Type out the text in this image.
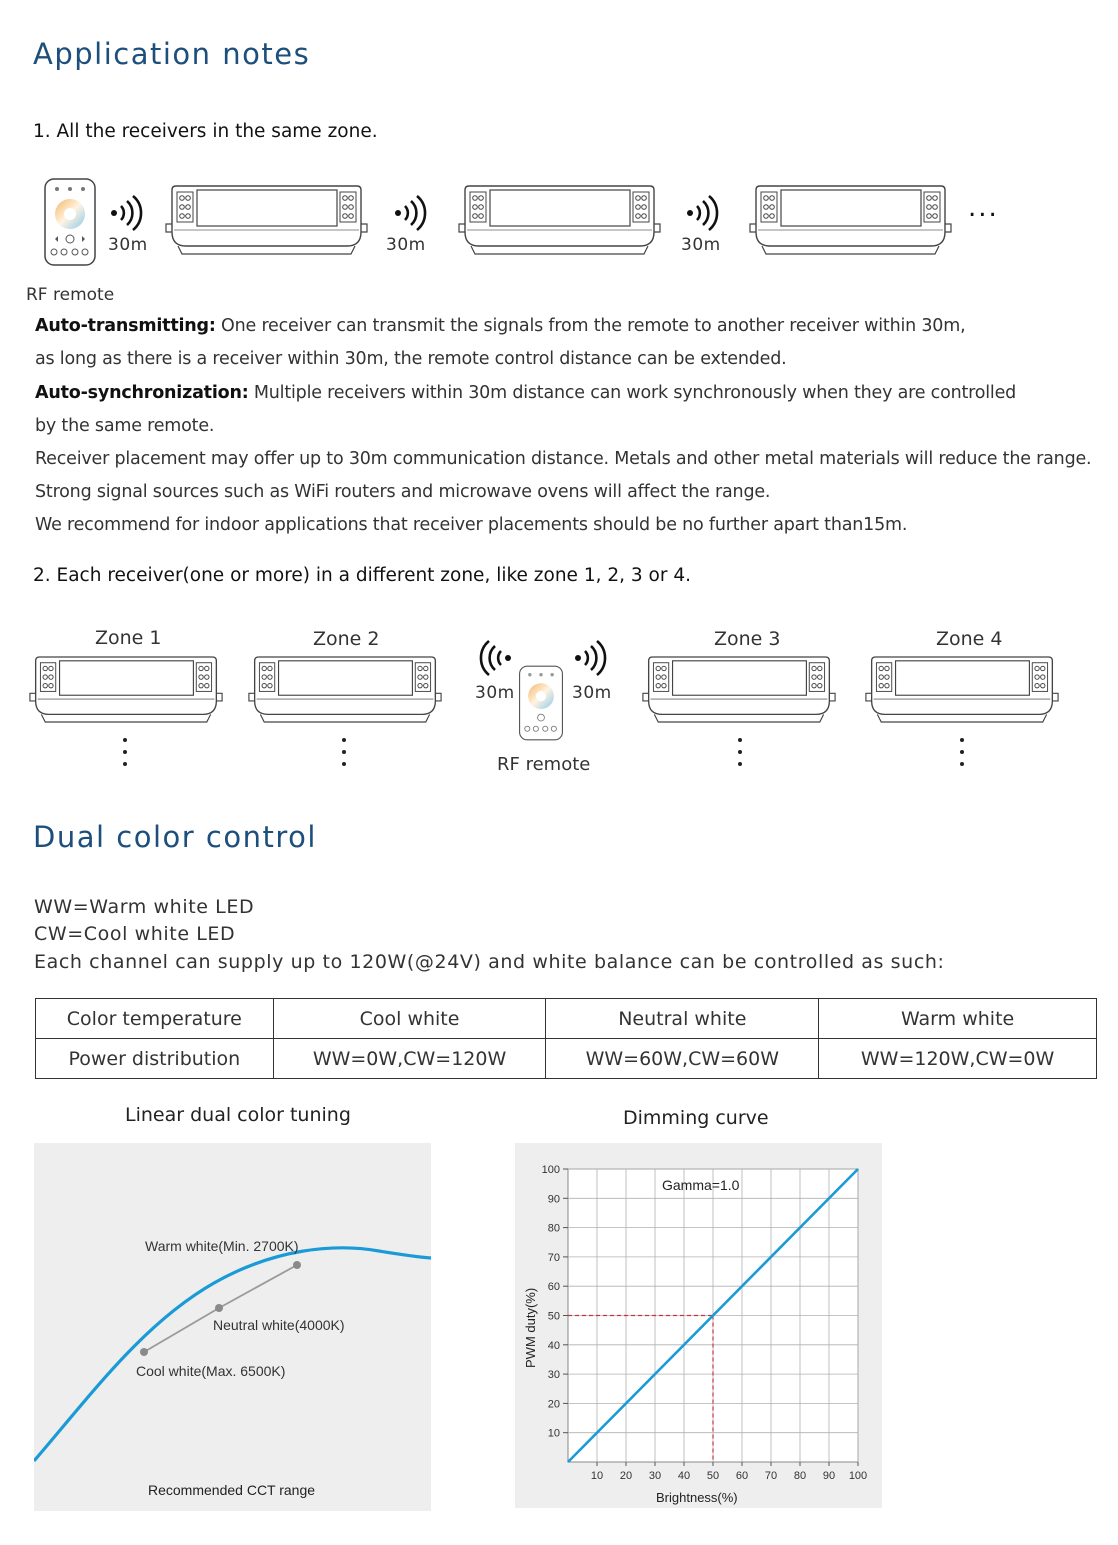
Application notes
1. All the receivers in the same zone.
RF remote
30m	30m	30m
...
Auto-transmitting: One receiver can transmit the signals from the remote to another receiver within 30m,
as long as there is a receiver within 30m, the remote control distance can be extended.
Auto-synchronization: Multiple receivers within 30m distance can work synchronously when they are controlled
by the same remote.
Receiver placement may offer up to 30m communication distance. Metals and other metal materials will reduce the range.
Strong signal sources such as WiFi routers and microwave ovens will affect the range.
We recommend for indoor applications that receiver placements should be no further apart than15m.
2. Each receiver(one or more) in a different zone, like zone 1, 2, 3 or 4.
Zone 1	Zone 2	Zone 3	Zone 4
30m	30m
RF remote
Dual color control
WW=Warm white LED
CW=Cool white LED
Each channel can supply up to 120W(@24V) and white balance can be controlled as such:
Color temperature	Cool white	Neutral white	Warm white
Power distribution	WW=0W,CW=120W	WW=60W,CW=60W	WW=120W,CW=0W
Linear dual color tuning
Warm white(Min. 2700K)
Neutral white(4000K)
Cool white(Max. 6500K)
Recommended CCT range
Dimming curve
10 20 30 40 50 60 70 80 90 100
10
20
30
40
50
60
70
80
90
100
Gamma=1.0
Brightness(%)
PWM duty(%)
